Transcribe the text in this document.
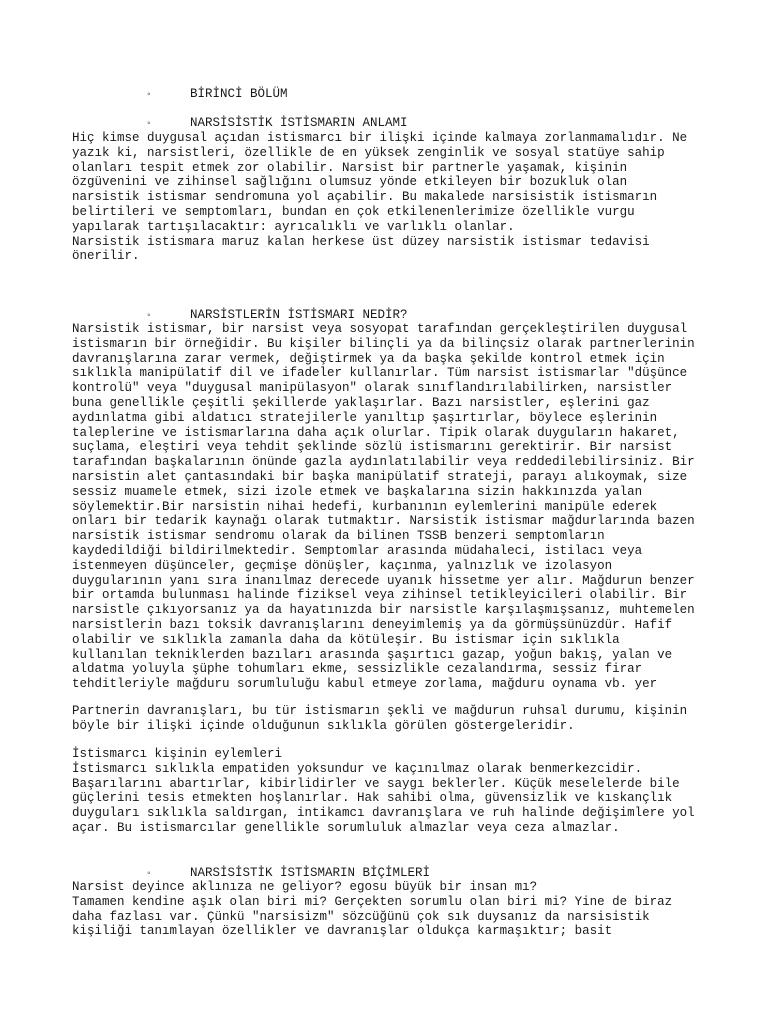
◦	BİRİNCİ BÖLÜM

◦	NARSİSİSTİK İSTİSMARIN ANLAMI

Hiç kimse duygusal açıdan istismarcı bir ilişki içinde kalmaya zorlanmamalıdır. Ne
yazık ki, narsistleri, özellikle de en yüksek zenginlik ve sosyal statüye sahip
olanları tespit etmek zor olabilir. Narsist bir partnerle yaşamak, kişinin
özgüvenini ve zihinsel sağlığını olumsuz yönde etkileyen bir bozukluk olan
narsistik istismar sendromuna yol açabilir. Bu makalede narsisistik istismarın
belirtileri ve semptomları, bundan en çok etkilenenlerimize özellikle vurgu
yapılarak tartışılacaktır: ayrıcalıklı ve varlıklı olanlar.
Narsistik istismara maruz kalan herkese üst düzey narsistik istismar tedavisi
önerilir.

◦	NARSİSTLERİN İSTİSMARI NEDİR?

Narsistik istismar, bir narsist veya sosyopat tarafından gerçekleştirilen duygusal
istismarın bir örneğidir. Bu kişiler bilinçli ya da bilinçsiz olarak partnerlerinin
davranışlarına zarar vermek, değiştirmek ya da başka şekilde kontrol etmek için
sıklıkla manipülatif dil ve ifadeler kullanırlar. Tüm narsist istismarlar "düşünce
kontrolü" veya "duygusal manipülasyon" olarak sınıflandırılabilirken, narsistler
buna genellikle çeşitli şekillerde yaklaşırlar. Bazı narsistler, eşlerini gaz
aydınlatma gibi aldatıcı stratejilerle yanıltıp şaşırtırlar, böylece eşlerinin
taleplerine ve istismarlarına daha açık olurlar. Tipik olarak duyguların hakaret,
suçlama, eleştiri veya tehdit şeklinde sözlü istismarını gerektirir. Bir narsist
tarafından başkalarının önünde gazla aydınlatılabilir veya reddedilebilirsiniz. Bir
narsistin alet çantasındaki bir başka manipülatif strateji, parayı alıkoymak, size
sessiz muamele etmek, sizi izole etmek ve başkalarına sizin hakkınızda yalan
söylemektir.Bir narsistin nihai hedefi, kurbanının eylemlerini manipüle ederek
onları bir tedarik kaynağı olarak tutmaktır. Narsistik istismar mağdurlarında bazen
narsistik istismar sendromu olarak da bilinen TSSB benzeri semptomların
kaydedildiği bildirilmektedir. Semptomlar arasında müdahaleci, istilacı veya
istenmeyen düşünceler, geçmişe dönüşler, kaçınma, yalnızlık ve izolasyon
duygularının yanı sıra inanılmaz derecede uyanık hissetme yer alır. Mağdurun benzer
bir ortamda bulunması halinde fiziksel veya zihinsel tetikleyicileri olabilir. Bir
narsistle çıkıyorsanız ya da hayatınızda bir narsistle karşılaşmışsanız, muhtemelen
narsistlerin bazı toksik davranışlarını deneyimlemiş ya da görmüşsünüzdür. Hafif
olabilir ve sıklıkla zamanla daha da kötüleşir. Bu istismar için sıklıkla
kullanılan tekniklerden bazıları arasında şaşırtıcı gazap, yoğun bakış, yalan ve
aldatma yoluyla şüphe tohumları ekme, sessizlikle cezalandırma, sessiz firar
tehditleriyle mağduru sorumluluğu kabul etmeye zorlama, mağduru oynama vb. yer
Partnerin davranışları, bu tür istismarın şekli ve mağdurun ruhsal durumu, kişinin
böyle bir ilişki içinde olduğunun sıklıkla görülen göstergeleridir.
İstismarcı kişinin eylemleri
İstismarcı sıklıkla empatiden yoksundur ve kaçınılmaz olarak benmerkezcidir.
Başarılarını abartırlar, kibirlidirler ve saygı beklerler. Küçük meselelerde bile
güçlerini tesis etmekten hoşlanırlar. Hak sahibi olma, güvensizlik ve kıskançlık
duyguları sıklıkla saldırgan, intikamcı davranışlara ve ruh halinde değişimlere yol
açar. Bu istismarcılar genellikle sorumluluk almazlar veya ceza almazlar.

◦	NARSİSİSTİK İSTİSMARIN BİÇİMLERİ

Narsist deyince aklınıza ne geliyor? egosu büyük bir insan mı?
Tamamen kendine aşık olan biri mi? Gerçekten sorumlu olan biri mi? Yine de biraz
daha fazlası var. Çünkü "narsisizm" sözcüğünü çok sık duysanız da narsisistik
kişiliği tanımlayan özellikler ve davranışlar oldukça karmaşıktır; basit
